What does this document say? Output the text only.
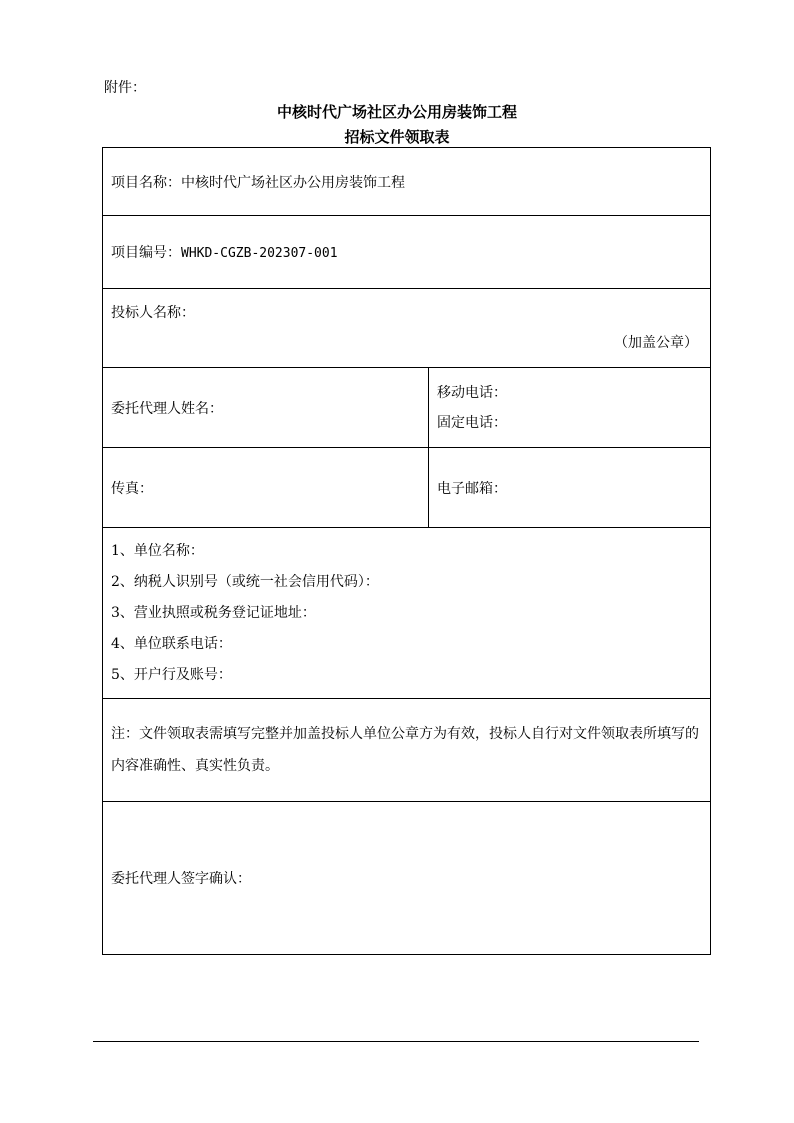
附件：
中核时代广场社区办公用房装饰工程
招标文件领取表
项目名称：中核时代广场社区办公用房装饰工程	
项目编号：WHKD-CGZB-202307-001	

投标人名称：
（加盖公章）	

委托代理人姓名：	移动电话：
固定电话：

传真：	电子邮箱：

1、单位名称：
2、纳税人识别号（或统一社会信用代码）：
3、营业执照或税务登记证地址：
4、单位联系电话：
5、开户行及账号：	

注：文件领取表需填写完整并加盖投标人单位公章方为有效，投标人自行对文件领取表所填写的内容准确性、真实性负责。	

委托代理人签字确认：	
